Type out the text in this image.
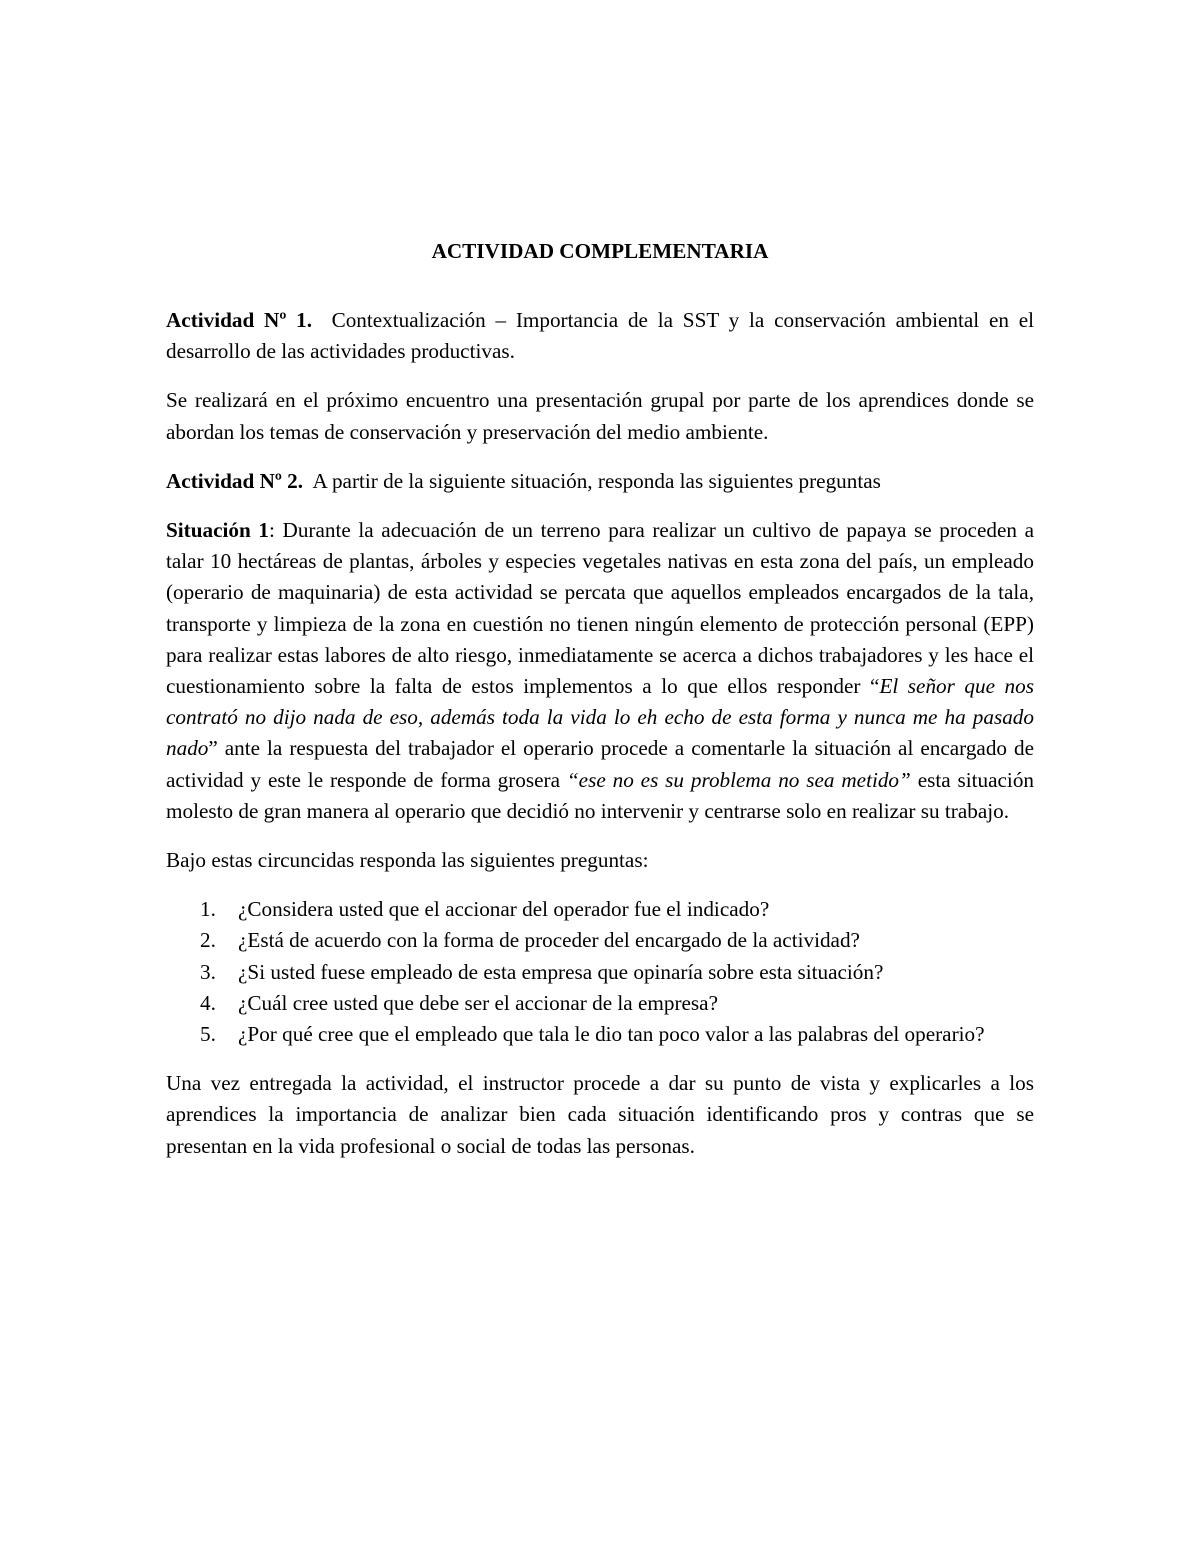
ACTIVIDAD COMPLEMENTARIA

Actividad Nº 1. Contextualización – Importancia de la SST y la conservación ambiental en el desarrollo de las actividades productivas.

Se realizará en el próximo encuentro una presentación grupal por parte de los aprendices donde se abordan los temas de conservación y preservación del medio ambiente.

Actividad Nº 2. A partir de la siguiente situación, responda las siguientes preguntas

Situación 1: Durante la adecuación de un terreno para realizar un cultivo de papaya se proceden a talar 10 hectáreas de plantas, árboles y especies vegetales nativas en esta zona del país, un empleado (operario de maquinaria) de esta actividad se percata que aquellos empleados encargados de la tala, transporte y limpieza de la zona en cuestión no tienen ningún elemento de protección personal (EPP) para realizar estas labores de alto riesgo, inmediatamente se acerca a dichos trabajadores y les hace el cuestionamiento sobre la falta de estos implementos a lo que ellos responder “El señor que nos contrató no dijo nada de eso, además toda la vida lo eh echo de esta forma y nunca me ha pasado nado” ante la respuesta del trabajador el operario procede a comentarle la situación al encargado de actividad y este le responde de forma grosera “ese no es su problema no sea metido” esta situación molesto de gran manera al operario que decidió no intervenir y centrarse solo en realizar su trabajo.

Bajo estas circuncidas responda las siguientes preguntas:

1. ¿Considera usted que el accionar del operador fue el indicado?
2. ¿Está de acuerdo con la forma de proceder del encargado de la actividad?
3. ¿Si usted fuese empleado de esta empresa que opinaría sobre esta situación?
4. ¿Cuál cree usted que debe ser el accionar de la empresa?
5. ¿Por qué cree que el empleado que tala le dio tan poco valor a las palabras del operario?

Una vez entregada la actividad, el instructor procede a dar su punto de vista y explicarles a los aprendices la importancia de analizar bien cada situación identificando pros y contras que se presentan en la vida profesional o social de todas las personas.
